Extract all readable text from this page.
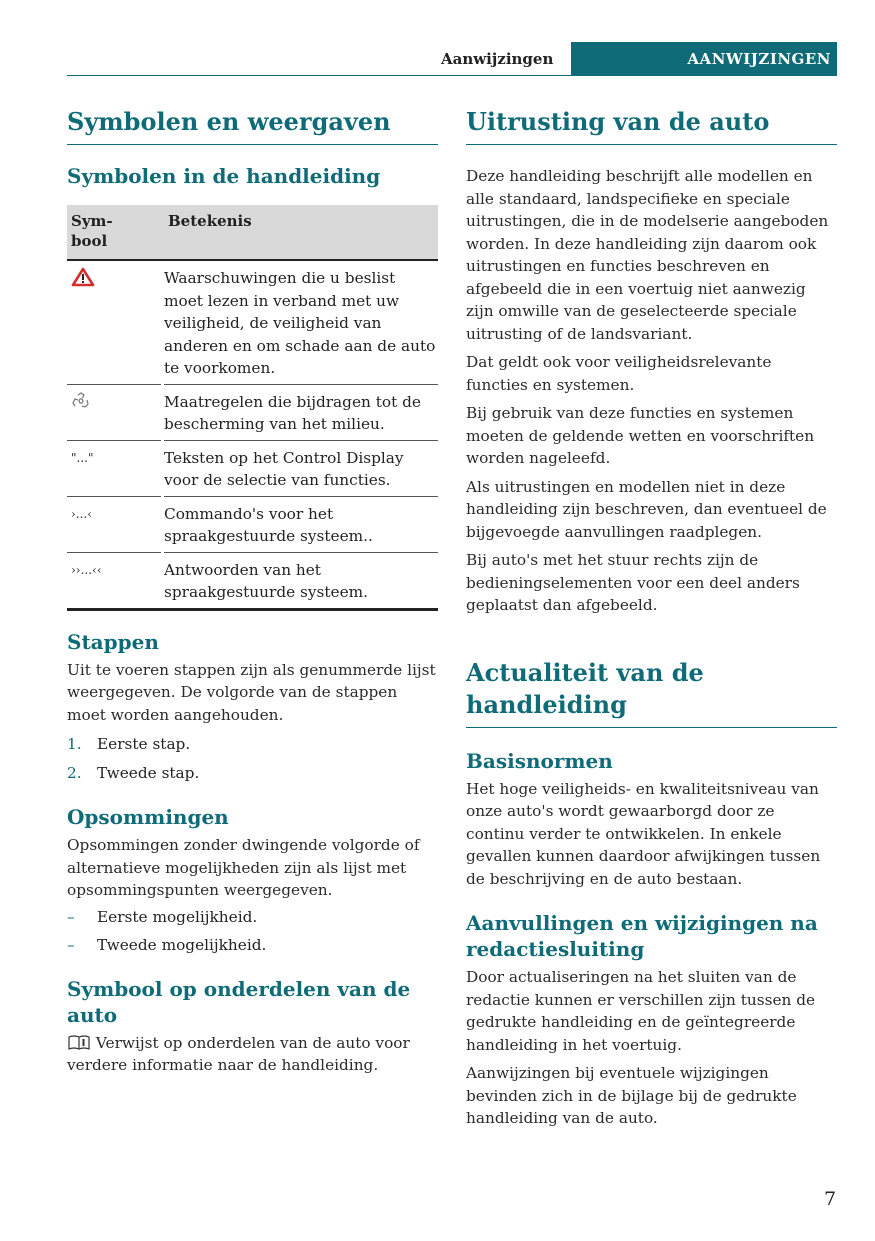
Aanwijzingen	AANWIJZINGEN
Symbolen en weergaven
Symbolen in de handleiding
Sym-
bool		Betekenis
		Waarschuwingen die u beslist moet lezen in verband met uw veiligheid, de veiligheid van anderen en om schade aan de auto te voorkomen.
		Maatregelen die bijdragen tot de bescherming van het milieu.
"..."		Teksten op het Control Display voor de selectie van functies.
›...‹		Commando's voor het spraakgestuurde systeem..
››...‹‹		Antwoorden van het spraakgestuurde systeem.
Stappen

Uit te voeren stappen zijn als genummerde lijst weergegeven. De volgorde van de stappen moet worden aangehouden.

1.	Eerste stap.
2.	Tweede stap.
Opsommingen

Opsommingen zonder dwingende volgorde of alternatieve mogelijkheden zijn als lijst met opsommingspunten weergegeven.

–	Eerste mogelijkheid.
–	Tweede mogelijkheid.
Symbool op onderdelen van de auto

Verwijst op onderdelen van de auto voor verdere informatie naar de handleiding.

Uitrusting van de auto

Deze handleiding beschrijft alle modellen en alle standaard, landspecifieke en speciale uitrustingen, die in de modelserie aangeboden worden. In deze handleiding zijn daarom ook uitrustingen en functies beschreven en afgebeeld die in een voertuig niet aanwezig zijn omwille van de geselecteerde speciale uitrusting of de landsvariant.

Dat geldt ook voor veiligheidsrelevante functies en systemen.

Bij gebruik van deze functies en systemen moeten de geldende wetten en voorschriften worden nageleefd.

Als uitrustingen en modellen niet in deze handleiding zijn beschreven, dan eventueel de bijgevoegde aanvullingen raadplegen.

Bij auto's met het stuur rechts zijn de bedieningselementen voor een deel anders geplaatst dan afgebeeld.

Actualiteit van de handleiding
Basisnormen

Het hoge veiligheids- en kwaliteitsniveau van onze auto's wordt gewaarborgd door ze continu verder te ontwikkelen. In enkele gevallen kunnen daardoor afwijkingen tussen de beschrijving en de auto bestaan.

Aanvullingen en wijzigingen na redactiesluiting

Door actualiseringen na het sluiten van de redactie kunnen er verschillen zijn tussen de gedrukte handleiding en de geïntegreerde handleiding in het voertuig.

Aanwijzingen bij eventuele wijzigingen bevinden zich in de bijlage bij de gedrukte handleiding van de auto.

7
